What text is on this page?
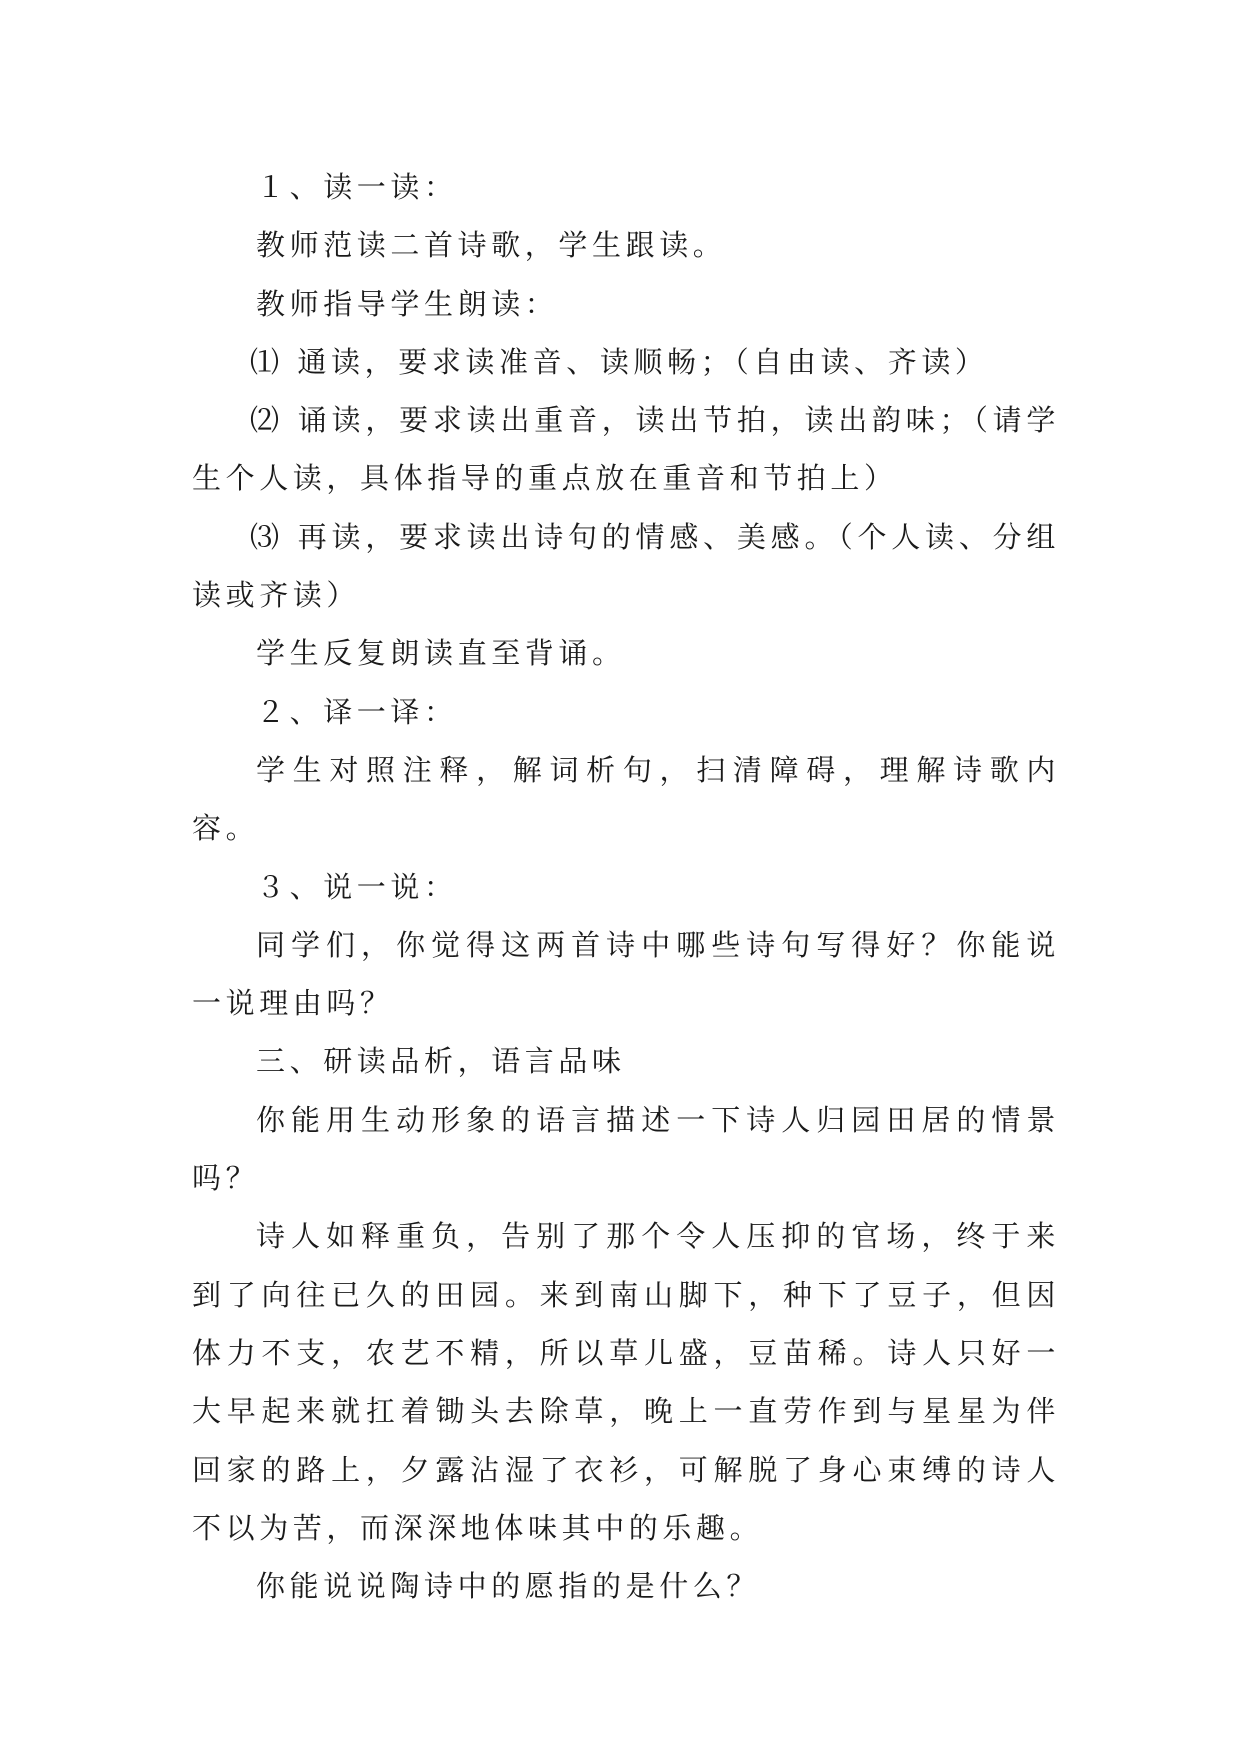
１、读一读：

教师范读二首诗歌，学生跟读。

教师指导学生朗读：

⑴ 通读，要求读准音、读顺畅；（自由读、齐读）

⑵ 诵读，要求读出重音，读出节拍，读出韵味；（请学生个人读，具体指导的重点放在重音和节拍上）

⑶ 再读，要求读出诗句的情感、美感。（个人读、分组读或齐读）

学生反复朗读直至背诵。

２、译一译：

学生对照注释，解词析句，扫清障碍，理解诗歌内容。

３、说一说：

同学们，你觉得这两首诗中哪些诗句写得好？你能说一说理由吗？

三、研读品析，语言品味

你能用生动形象的语言描述一下诗人归园田居的情景吗？

诗人如释重负，告别了那个令人压抑的官场，终于来到了向往已久的田园。来到南山脚下，种下了豆子，但因体力不支，农艺不精，所以草儿盛，豆苗稀。诗人只好一大早起来就扛着锄头去除草，晚上一直劳作到与星星为伴回家的路上，夕露沾湿了衣衫，可解脱了身心束缚的诗人不以为苦，而深深地体味其中的乐趣。

你能说说陶诗中的愿指的是什么？
